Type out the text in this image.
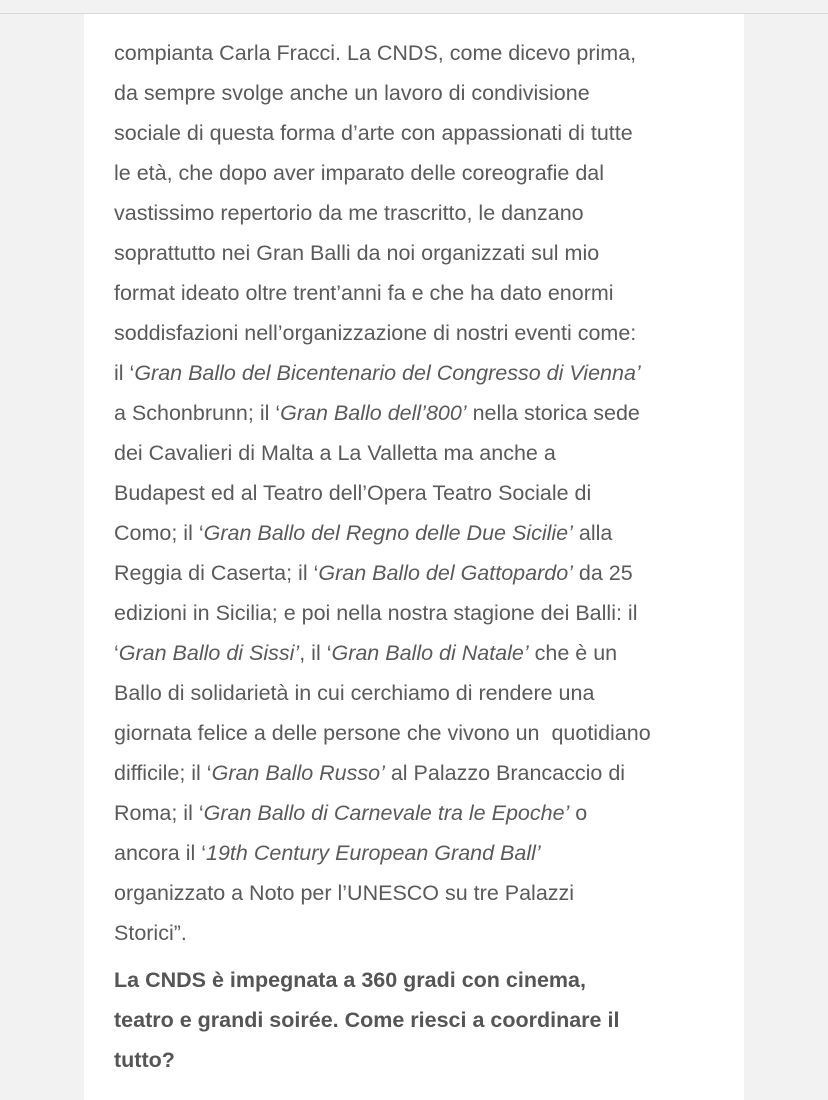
compianta Carla Fracci. La CNDS, come dicevo prima,
da sempre svolge anche un lavoro di condivisione
sociale di questa forma d’arte con appassionati di tutte
le età, che dopo aver imparato delle coreografie dal
vastissimo repertorio da me trascritto, le danzano
soprattutto nei Gran Balli da noi organizzati sul mio
format ideato oltre trent’anni fa e che ha dato enormi
soddisfazioni nell’organizzazione di nostri eventi come:
il ‘Gran Ballo del Bicentenario del Congresso di Vienna’
a Schonbrunn; il ‘Gran Ballo dell’800’ nella storica sede
dei Cavalieri di Malta a La Valletta ma anche a
Budapest ed al Teatro dell’Opera Teatro Sociale di
Como; il ‘Gran Ballo del Regno delle Due Sicilie’ alla
Reggia di Caserta; il ‘Gran Ballo del Gattopardo’ da 25
edizioni in Sicilia; e poi nella nostra stagione dei Balli: il
‘Gran Ballo di Sissi’, il ‘Gran Ballo di Natale’ che è un
Ballo di solidarietà in cui cerchiamo di rendere una
giornata felice a delle persone che vivono un  quotidiano
difficile; il ‘Gran Ballo Russo’ al Palazzo Brancaccio di
Roma; il ‘Gran Ballo di Carnevale tra le Epoche’ o
ancora il ‘19th Century European Grand Ball’
organizzato a Noto per l’UNESCO su tre Palazzi
Storici”.

La CNDS è impegnata a 360 gradi con cinema,
teatro e grandi soirée. Come riesci a coordinare il
tutto?
